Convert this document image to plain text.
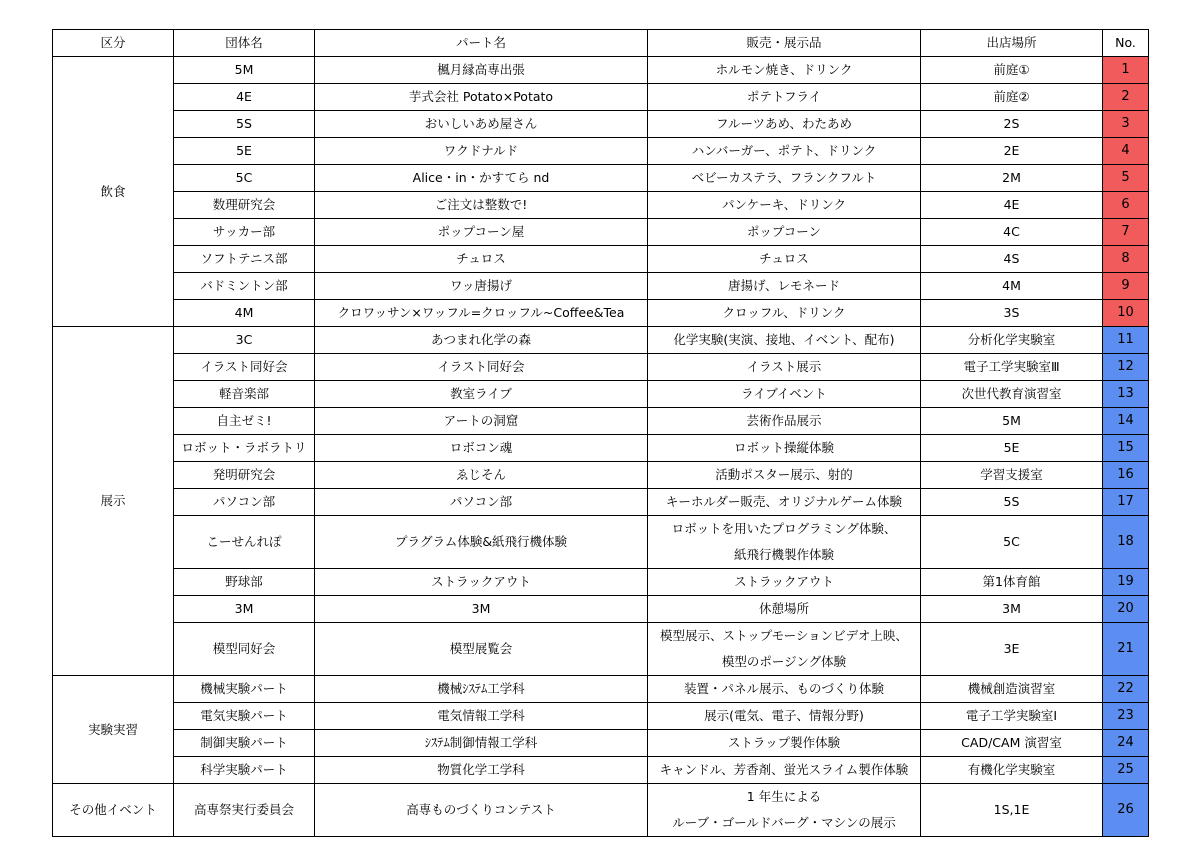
区分	団体名	パート名	販売・展示品	出店場所	No.
飲食	5M	楓月縁高専出張	ホルモン焼き、ドリンク	前庭①	1
	4E	芋式会社 Potato×Potato	ポテトフライ	前庭②	2
	5S	おいしいあめ屋さん	フルーツあめ、わたあめ	2S	3
	5E	ワクドナルド	ハンバーガー、ポテト、ドリンク	2E	4
	5C	Alice・in・かすてら nd	ベビーカステラ、フランクフルト	2M	5
	数理研究会	ご注文は整数で!	パンケーキ、ドリンク	4E	6
	サッカー部	ポップコーン屋	ポップコーン	4C	7
	ソフトテニス部	チュロス	チュロス	4S	8
	バドミントン部	ワッ唐揚げ	唐揚げ、レモネード	4M	9
	4M	クロワッサン×ワッフル=クロッフル~Coffee&Tea	クロッフル、ドリンク	3S	10
展示	3C	あつまれ化学の森	化学実験(実演、接地、イベント、配布)	分析化学実験室	11
	イラスト同好会	イラスト同好会	イラスト展示	電子工学実験室Ⅲ	12
	軽音楽部	教室ライブ	ライブイベント	次世代教育演習室	13
	自主ゼミ!	アートの洞窟	芸術作品展示	5M	14
	ロボット・ラボラトリ	ロボコン魂	ロボット操縦体験	5E	15
	発明研究会	ゑじそん	活動ポスター展示、射的	学習支援室	16
	パソコン部	パソコン部	キーホルダー販売、オリジナルゲーム体験	5S	17
	こーせんれぽ	プラグラム体験&紙飛行機体験	ロボットを用いたプログラミング体験、
紙飛行機製作体験	5C	18
	野球部	ストラックアウト	ストラックアウト	第1体育館	19
	3M	3M	休憩場所	3M	20
	模型同好会	模型展覧会	模型展示、ストップモーションビデオ上映、
模型のポージング体験	3E	21
実験実習	機械実験パート	機械ｼｽﾃﾑ工学科	装置・パネル展示、ものづくり体験	機械創造演習室	22
	電気実験パート	電気情報工学科	展示(電気、電子、情報分野)	電子工学実験室Ⅰ	23
	制御実験パート	ｼｽﾃﾑ制御情報工学科	ストラップ製作体験	CAD/CAM 演習室	24
	科学実験パート	物質化学工学科	キャンドル、芳香剤、蛍光スライム製作体験	有機化学実験室	25
その他イベント	高専祭実行委員会	高専ものづくりコンテスト	1 年生による
ルーブ・ゴールドバーグ・マシンの展示	1S,1E	26
